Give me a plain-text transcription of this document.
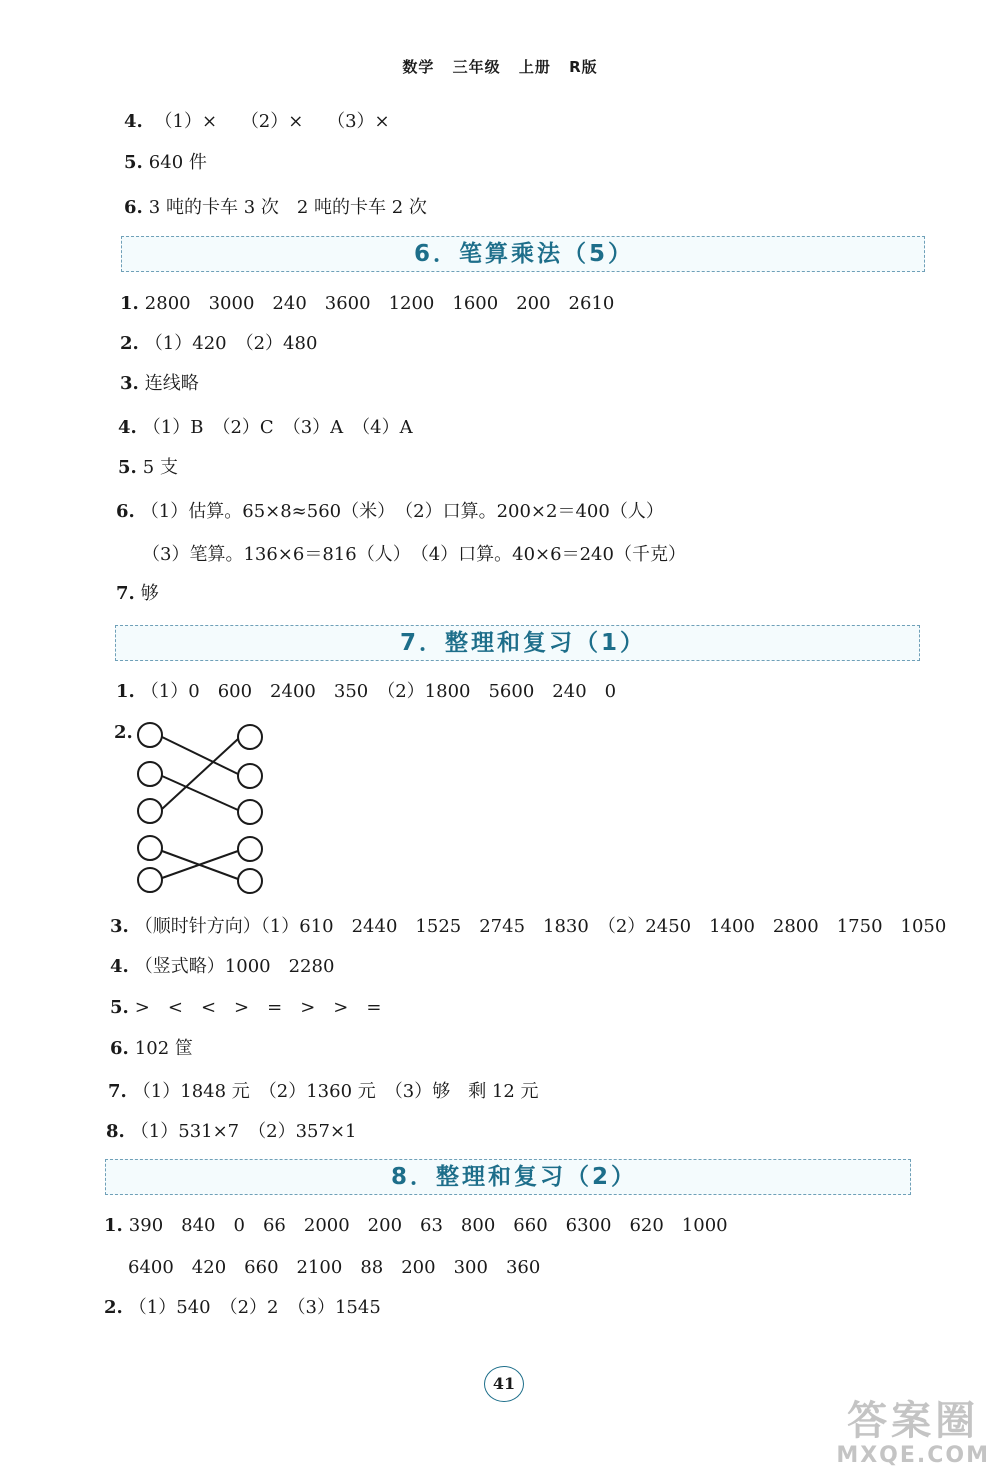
数学 三年级 上册 R版
4. （1）× （2）× （3）×
5. 640 件
6. 3 吨的卡车 3 次　2 吨的卡车 2 次
6．笔算乘法（5）
1. 2800　3000　240　3600　1200　1600　200　2610
2. （1）420　（2）480
3. 连线略
4. （1）B　（2）C　（3）A　（4）A
5. 5 支
6. （1）估算。65×8≈560（米）　（2）口算。200×2＝400（人）
（3）笔算。136×6＝816（人）　（4）口算。40×6＝240（千克）
7. 够
7．整理和复习（1）
1. （1）0　600　2400　350　（2）1800　5600　240　0
2.
3. （顺时针方向）（1）610　2440　1525　2745　1830　（2）2450　1400　2800　1750　1050
4. （竖式略）1000　2280
5. >　<　<　>　=　>　>　=
6. 102 筐
7. （1）1848 元　（2）1360 元　（3）够　剩 12 元
8. （1）531×7　（2）357×1
8．整理和复习（2）
1. 390　840　0　66　2000　200　63　800　660　6300　620　1000
6400　420　660　2100　88　200　300　360
2. （1）540　（2）2　（3）1545
41
答案圈
MXQE.COM
